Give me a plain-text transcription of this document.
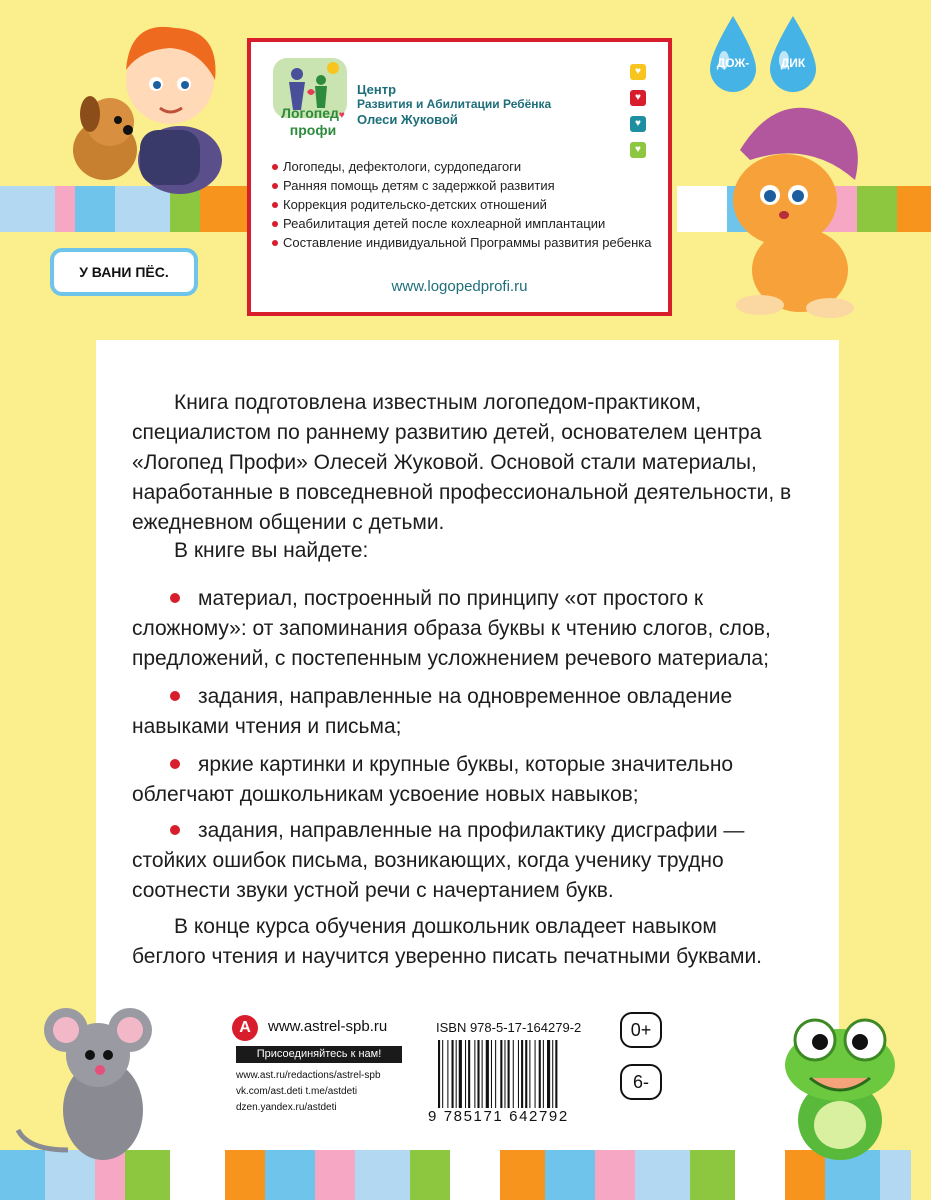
ДОЖ-	ДИК
Логопед♥
профи
Центр
Развития и Абилитации Ребёнка
Олеси Жуковой
♥
♥
♥
♥
Логопеды, дефектологи, сурдопедагоги
Ранняя помощь детям с задержкой развития
Коррекция родительско-детских отношений
Реабилитация детей после кохлеарной имплантации
Составление индивидуальной Программы развития ребенка
www.logopedprofi.ru
У ВАНИ ПЁС.

Книга подготовлена известным логопедом-практиком, специалистом по раннему развитию детей, основателем центра «Логопед Профи» Олесей Жуковой. Основой стали материалы, наработанные в повседневной профессиональной деятельности, в ежедневном общении с детьми.

В книге вы найдете:

материал, построенный по принципу «от простого к сложному»: от запоминания образа буквы к чтению слогов, слов, предложений, с постепенным усложнением речевого материала;

задания, направленные на одновременное овладение навыками чтения и письма;

яркие картинки и крупные буквы, которые значительно облегчают дошкольникам усвоение новых навыков;

задания, направленные на профилактику дисграфии — стойких ошибок письма, возникающих, когда ученику трудно соотнести звуки устной речи с начертанием букв.

В конце курса обучения дошкольник овладеет навыком беглого чтения и научится уверенно писать печатными буквами.

А	www.astrel-spb.ru
Присоединяйтесь к нам!
www.ast.ru/redactions/astrel-spb
vk.com/ast.deti t.me/astdeti
dzen.yandex.ru/astdeti
ISBN 978-5-17-164279-2
9 785171 642792
0+
6-
